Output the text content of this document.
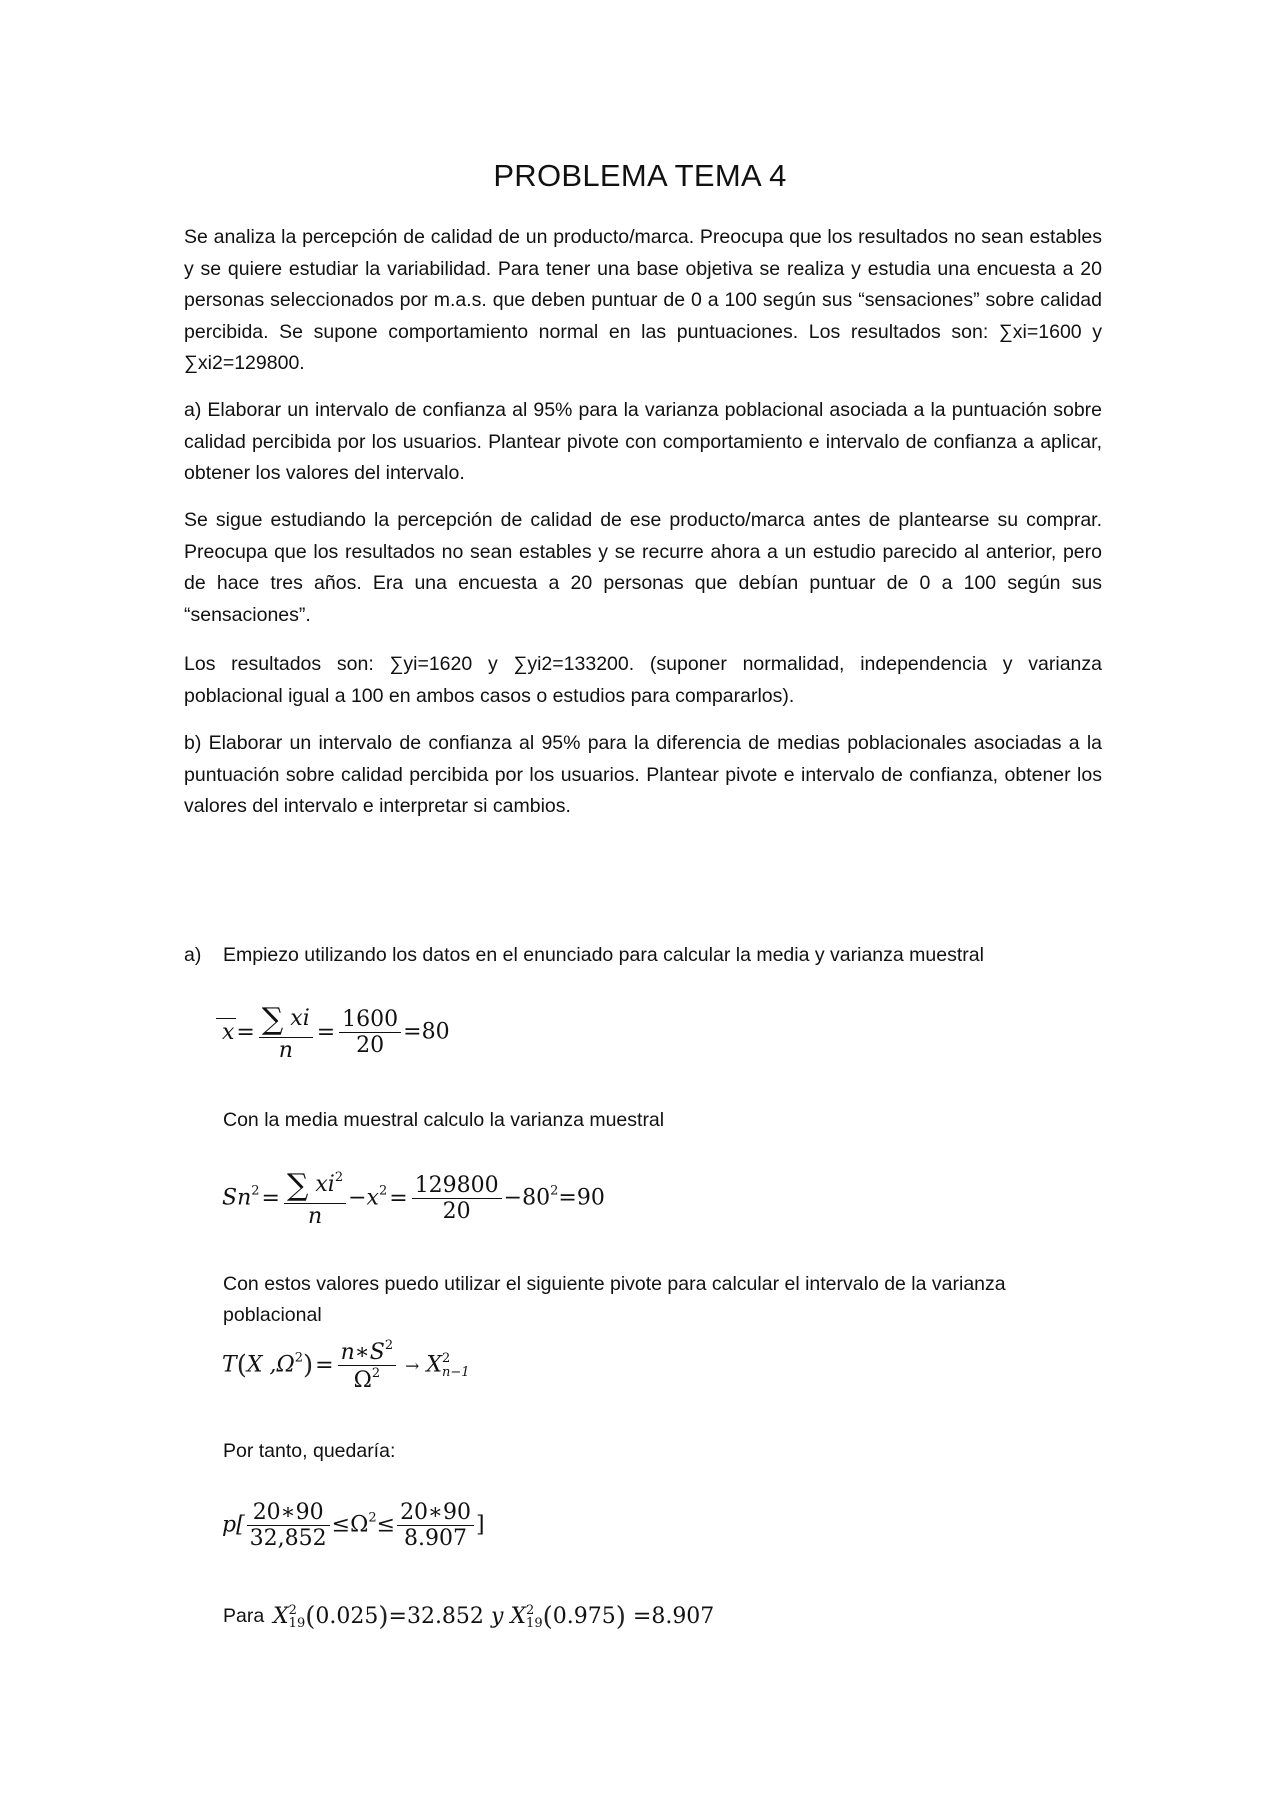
PROBLEMA TEMA 4

Se analiza la percepción de calidad de un producto/marca. Preocupa que los resultados no sean estables y se quiere estudiar la variabilidad. Para tener una base objetiva se realiza y estudia una encuesta a 20 personas seleccionados por m.a.s. que deben puntuar de 0 a 100 según sus “sensaciones” sobre calidad percibida. Se supone comportamiento normal en las puntuaciones. Los resultados son: ∑xi=1600 y ∑xi2=129800.

a) Elaborar un intervalo de confianza al 95% para la varianza poblacional asociada a la puntuación sobre calidad percibida por los usuarios. Plantear pivote con comportamiento e intervalo de confianza a aplicar, obtener los valores del intervalo.

Se sigue estudiando la percepción de calidad de ese producto/marca antes de plantearse su comprar. Preocupa que los resultados no sean estables y se recurre ahora a un estudio parecido al anterior, pero de hace tres años. Era una encuesta a 20 personas que debían puntuar de 0 a 100 según sus “sensaciones”.

Los resultados son: ∑yi=1620 y ∑yi2=133200. (suponer normalidad, independencia y varianza poblacional igual a 100 en ambos casos o estudios para compararlos).

b) Elaborar un intervalo de confianza al 95% para la diferencia de medias poblacionales asociadas a la puntuación sobre calidad percibida por los usuarios. Plantear pivote e intervalo de confianza, obtener los valores del intervalo e interpretar si cambios.

a) Empiezo utilizando los datos en el enunciado para calcular la media y varianza muestral
$x= \frac{\sum xi}{n} = \frac{1600}{20} =80$
Con la media muestral calculo la varianza muestral
$Sn^2= \frac{\sum xi^2}{n} -x^2= \frac{129800}{20} -80^2=90$
Con estos valores puedo utilizar el siguiente pivote para calcular el intervalo de la varianza
poblacional
T(X $,\Omega^2)= \frac{n∗S^2}{\Omega^2} \to X$ 2
n−1
Por tanto, quedaría:
$p[ \frac{20∗90}{32,852} \le\Omega^2\le \frac{20∗90}{8.907}$ ]
Para X 2
19 (0.025)=32.852 y X 2
19 (0.975) =8.907
